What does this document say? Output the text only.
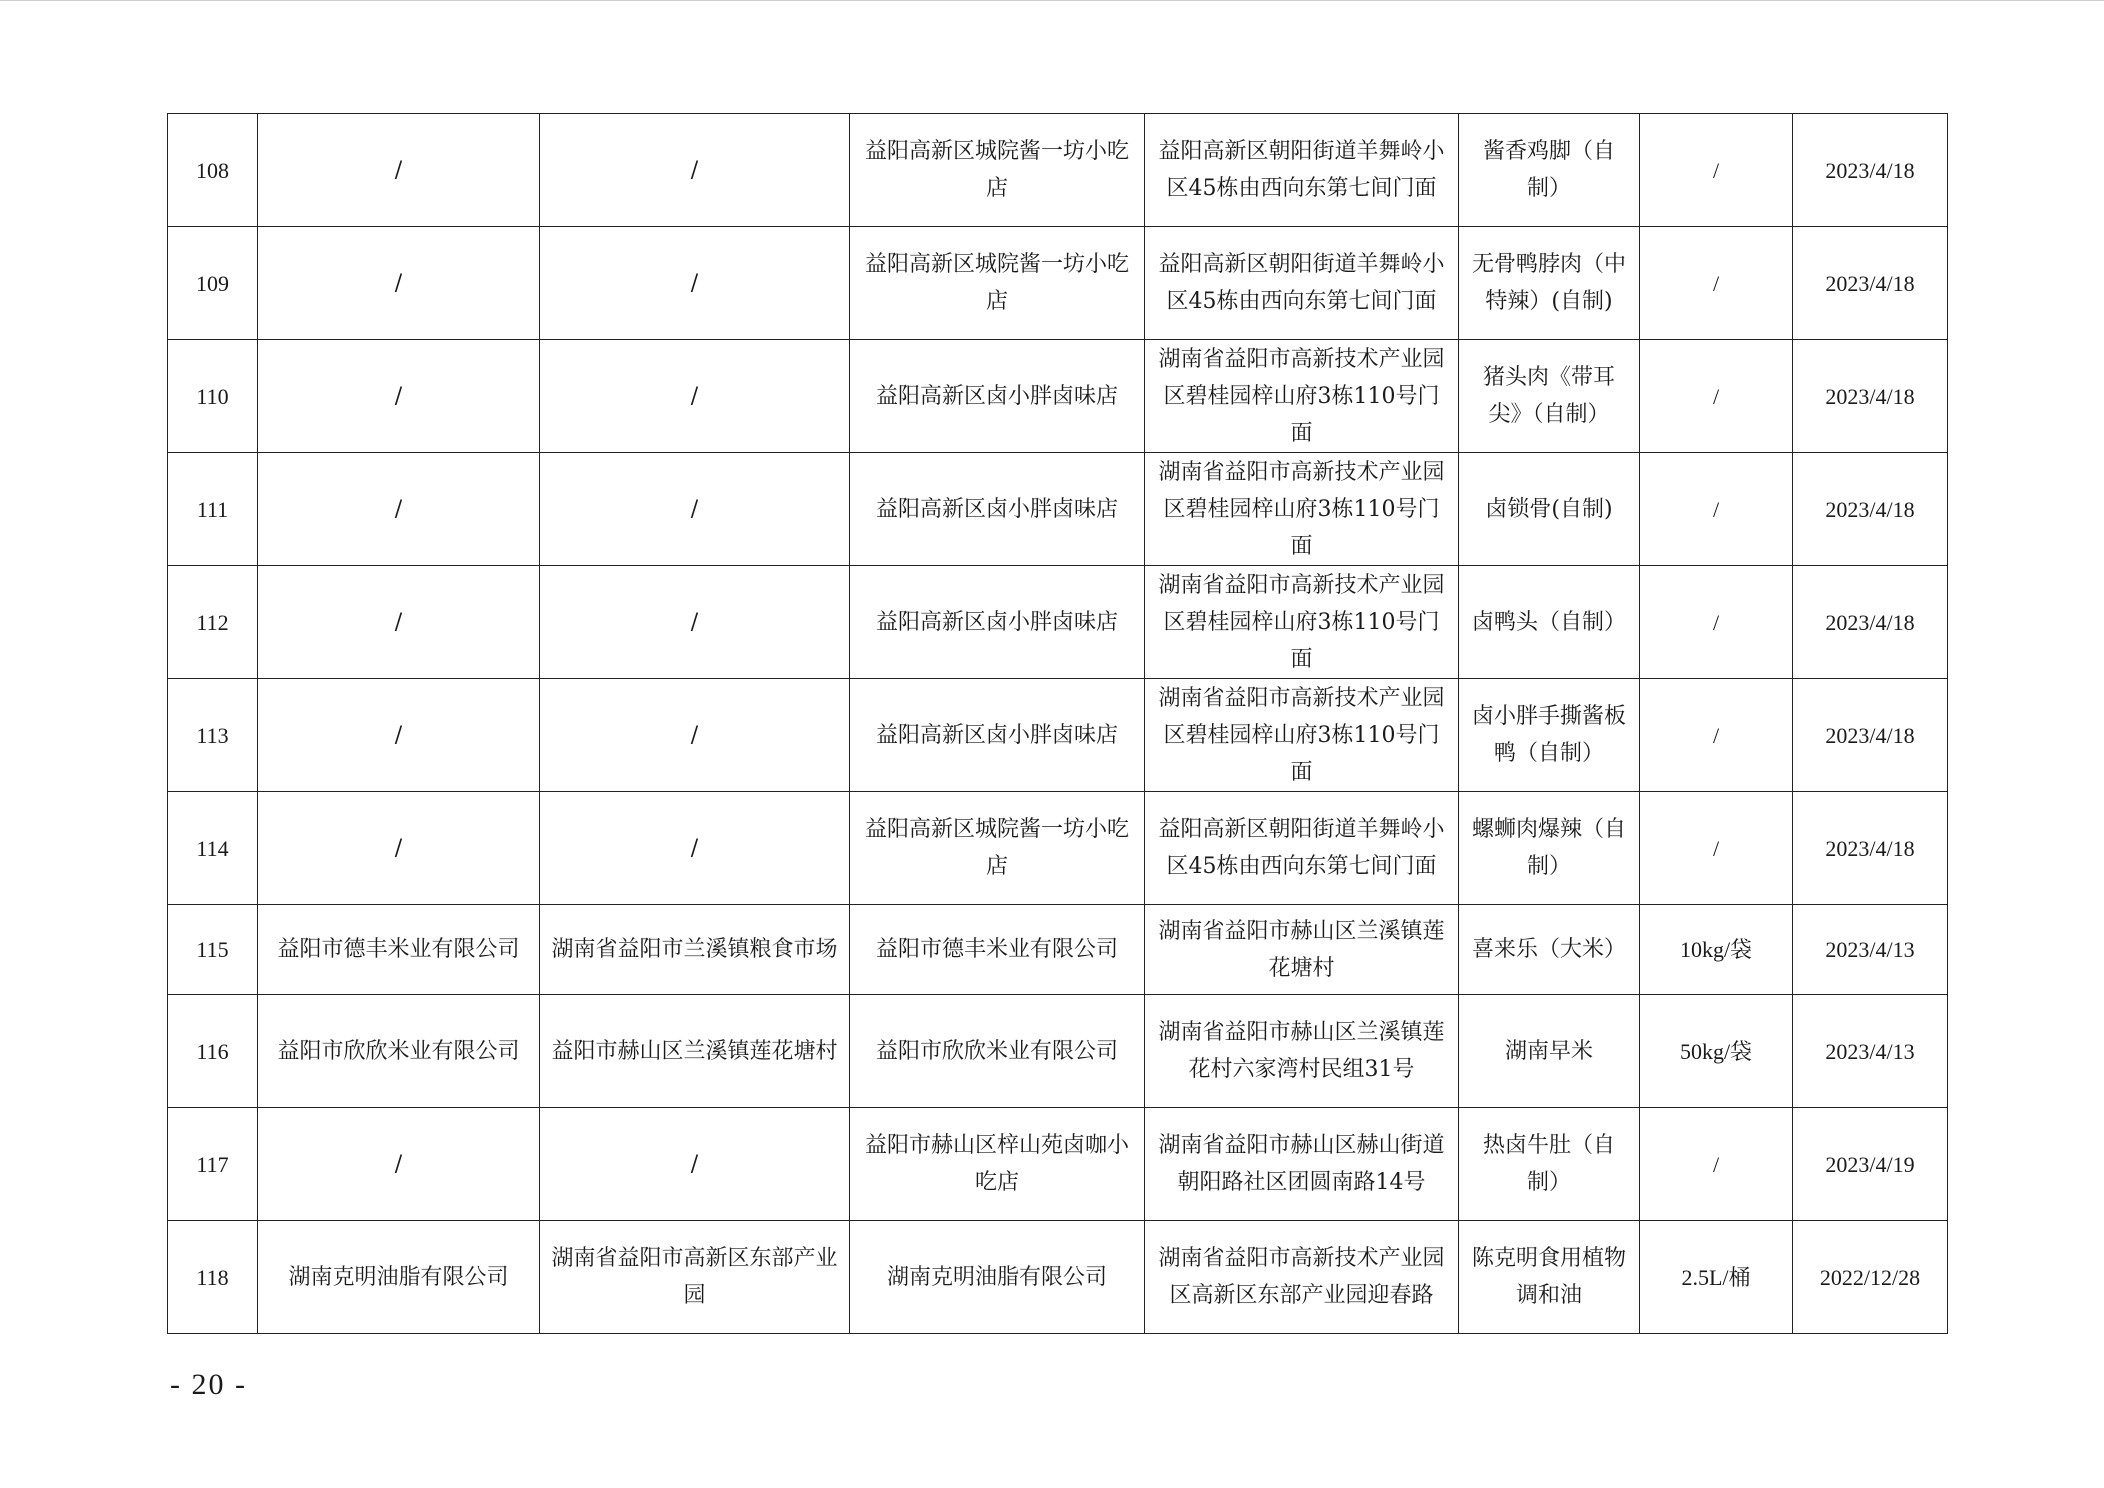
108	/	/	益阳高新区城院酱一坊小吃店	益阳高新区朝阳街道羊舞岭小区45栋由西向东第七间门面	酱香鸡脚（自制）	/	2023/4/18
109	/	/	益阳高新区城院酱一坊小吃店	益阳高新区朝阳街道羊舞岭小区45栋由西向东第七间门面	无骨鸭脖肉（中特辣）(自制)	/	2023/4/18
110	/	/	益阳高新区卤小胖卤味店	湖南省益阳市高新技术产业园区碧桂园梓山府3栋110号门面	猪头肉《带耳尖》（自制）	/	2023/4/18
111	/	/	益阳高新区卤小胖卤味店	湖南省益阳市高新技术产业园区碧桂园梓山府3栋110号门面	卤锁骨(自制)	/	2023/4/18
112	/	/	益阳高新区卤小胖卤味店	湖南省益阳市高新技术产业园区碧桂园梓山府3栋110号门面	卤鸭头（自制）	/	2023/4/18
113	/	/	益阳高新区卤小胖卤味店	湖南省益阳市高新技术产业园区碧桂园梓山府3栋110号门面	卤小胖手撕酱板鸭（自制）	/	2023/4/18
114	/	/	益阳高新区城院酱一坊小吃店	益阳高新区朝阳街道羊舞岭小区45栋由西向东第七间门面	螺蛳肉爆辣（自制）	/	2023/4/18
115	益阳市德丰米业有限公司	湖南省益阳市兰溪镇粮食市场	益阳市德丰米业有限公司	湖南省益阳市赫山区兰溪镇莲花塘村	喜来乐（大米）	10kg/袋	2023/4/13
116	益阳市欣欣米业有限公司	益阳市赫山区兰溪镇莲花塘村	益阳市欣欣米业有限公司	湖南省益阳市赫山区兰溪镇莲花村六家湾村民组31号	湖南早米	50kg/袋	2023/4/13
117	/	/	益阳市赫山区梓山苑卤咖小吃店	湖南省益阳市赫山区赫山街道朝阳路社区团圆南路14号	热卤牛肚（自制）	/	2023/4/19
118	湖南克明油脂有限公司	湖南省益阳市高新区东部产业园	湖南克明油脂有限公司	湖南省益阳市高新技术产业园区高新区东部产业园迎春路	陈克明食用植物调和油	2.5L/桶	2022/12/28
- 20 -
